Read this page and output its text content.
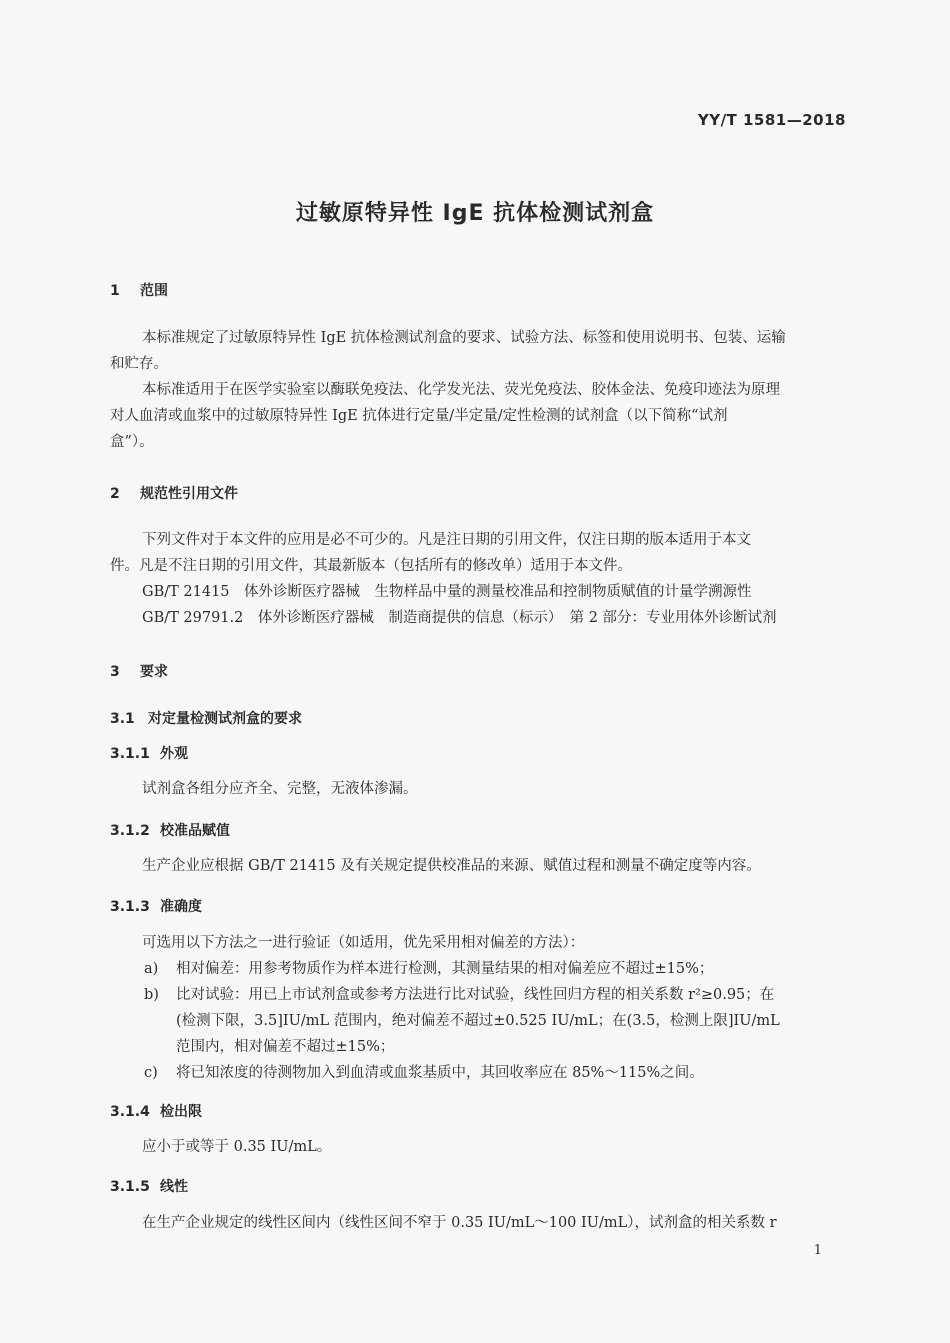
YY/T 1581—2018
过敏原特异性 IgE 抗体检测试剂盒
1 范围
本标准规定了过敏原特异性 IgE 抗体检测试剂盒的要求、试验方法、标签和使用说明书、包装、运输
和贮存。
本标准适用于在医学实验室以酶联免疫法、化学发光法、荧光免疫法、胶体金法、免疫印迹法为原理
对人血清或血浆中的过敏原特异性 IgE 抗体进行定量/半定量/定性检测的试剂盒（以下简称“试剂
盒”）。
2 规范性引用文件
下列文件对于本文件的应用是必不可少的。凡是注日期的引用文件，仅注日期的版本适用于本文
件。凡是不注日期的引用文件，其最新版本（包括所有的修改单）适用于本文件。
GB/T 21415　体外诊断医疗器械　生物样品中量的测量校准品和控制物质赋值的计量学溯源性
GB/T 29791.2　体外诊断医疗器械　制造商提供的信息（标示）　第 2 部分：专业用体外诊断试剂
3 要求
3.1 对定量检测试剂盒的要求
3.1.1 外观
试剂盒各组分应齐全、完整，无液体渗漏。
3.1.2 校准品赋值
生产企业应根据 GB/T 21415 及有关规定提供校准品的来源、赋值过程和测量不确定度等内容。
3.1.3 准确度
可选用以下方法之一进行验证（如适用，优先采用相对偏差的方法）：
a) 相对偏差：用参考物质作为样本进行检测，其测量结果的相对偏差应不超过±15%；
b) 比对试验：用已上市试剂盒或参考方法进行比对试验，线性回归方程的相关系数 r²≥0.95；在
(检测下限，3.5]IU/mL 范围内，绝对偏差不超过±0.525 IU/mL；在(3.5，检测上限]IU/mL
范围内，相对偏差不超过±15%；
c) 将已知浓度的待测物加入到血清或血浆基质中，其回收率应在 85%～115%之间。
3.1.4 检出限
应小于或等于 0.35 IU/mL。
3.1.5 线性
在生产企业规定的线性区间内（线性区间不窄于 0.35 IU/mL～100 IU/mL），试剂盒的相关系数 r
1
